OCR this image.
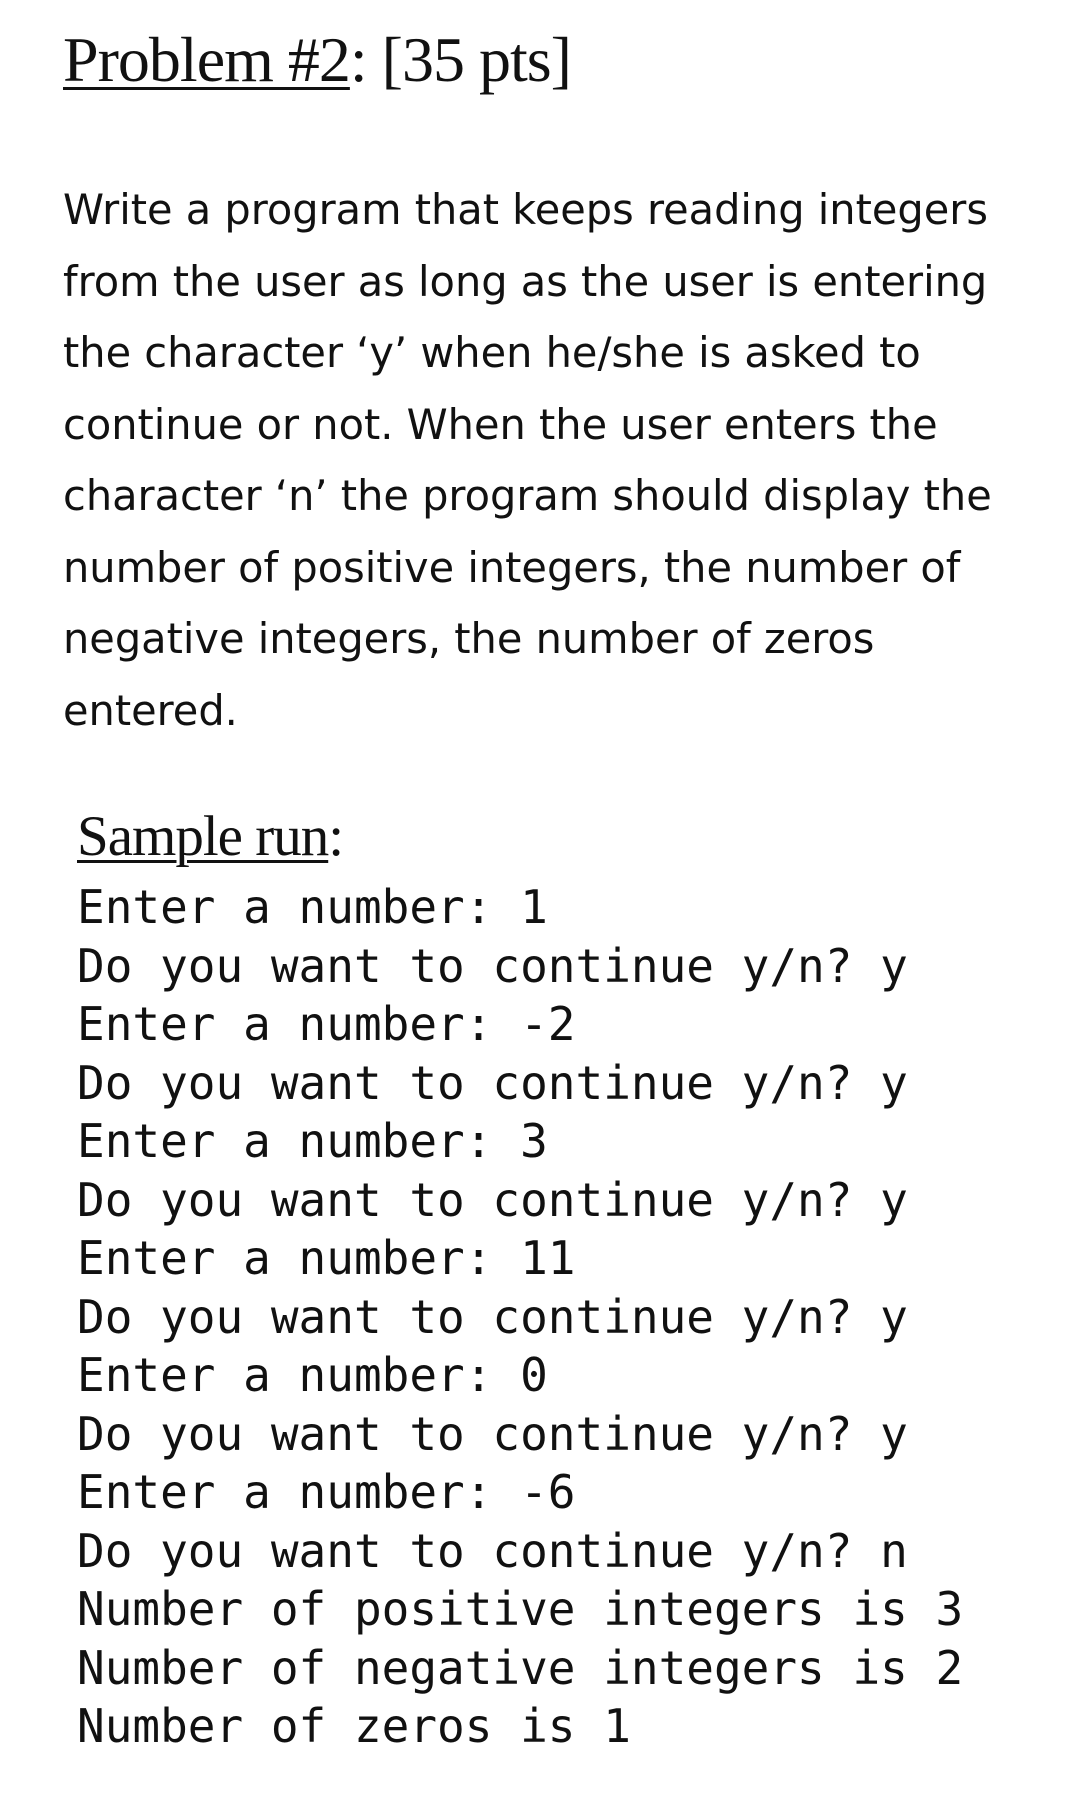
Problem #2: [35 pts]
Write a program that keeps reading integers
from the user as long as the user is entering
the character ‘y’ when he/she is asked to
continue or not. When the user enters the
character ‘n’ the program should display the
number of positive integers, the number of
negative integers, the number of zeros
entered.
Sample run:
Enter a number: 1
Do you want to continue y/n? y
Enter a number: -2
Do you want to continue y/n? y
Enter a number: 3
Do you want to continue y/n? y
Enter a number: 11
Do you want to continue y/n? y
Enter a number: 0
Do you want to continue y/n? y
Enter a number: -6
Do you want to continue y/n? n
Number of positive integers is 3
Number of negative integers is 2
Number of zeros is 1
